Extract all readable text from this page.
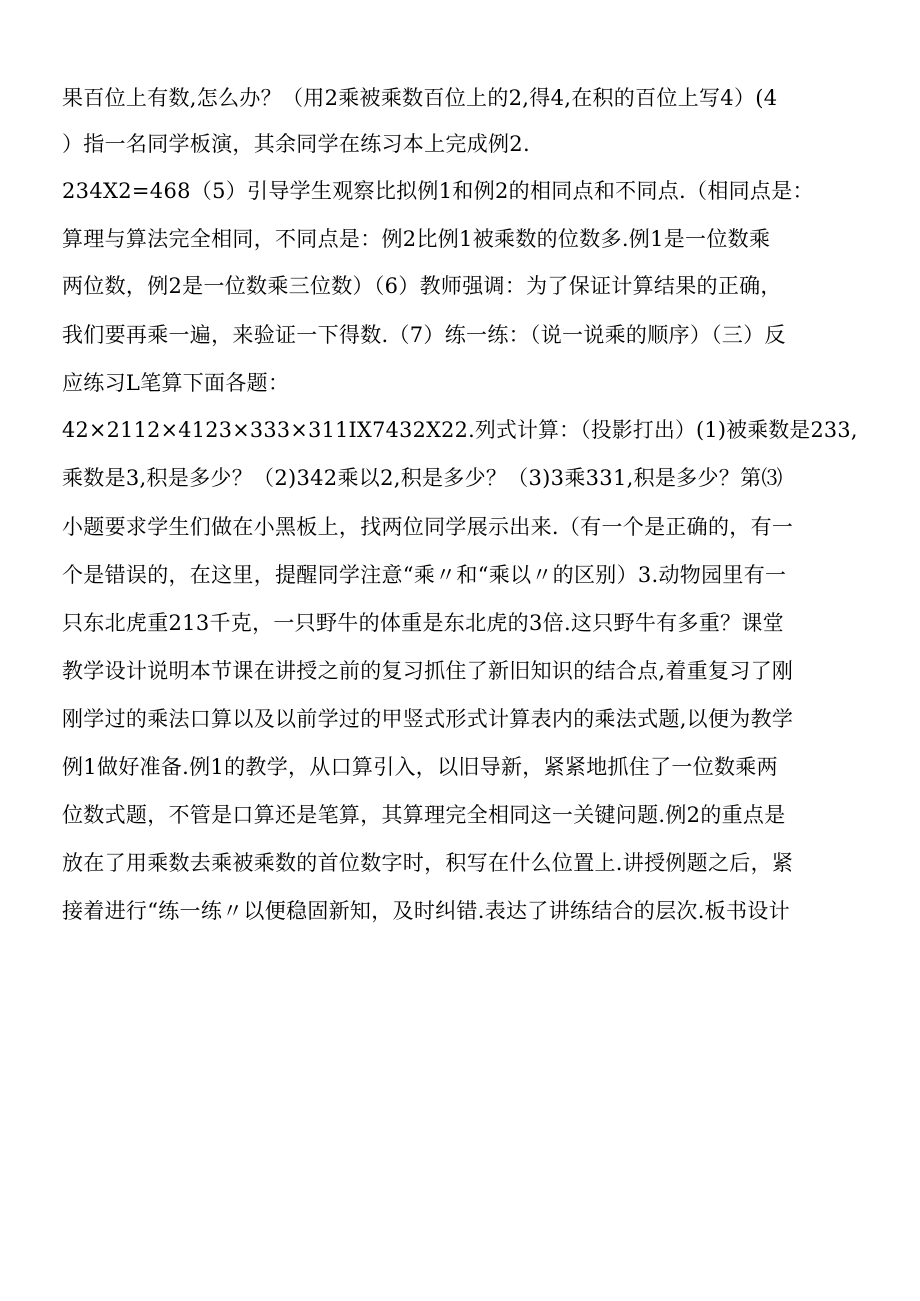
果百位上有数,怎么办？（用2乘被乘数百位上的2,得4,在积的百位上写4）(4
）指一名同学板演，其余同学在练习本上完成例2.
234X2=468（5）引导学生观察比拟例1和例2的相同点和不同点.（相同点是：
算理与算法完全相同，不同点是：例2比例1被乘数的位数多.例1是一位数乘
两位数，例2是一位数乘三位数）（6）教师强调：为了保证计算结果的正确，
我们要再乘一遍，来验证一下得数.（7）练一练：（说一说乘的顺序）（三）反
应练习L笔算下面各题：
42×2112×4123×333×311IX7432X22.列式计算：（投影打出）(1)被乘数是233,
乘数是3,积是多少？（2)342乘以2,积是多少？（3)3乘331,积是多少？第⑶
小题要求学生们做在小黑板上，找两位同学展示出来.（有一个是正确的，有一
个是错误的，在这里，提醒同学注意“乘〃和“乘以〃的区别）3.动物园里有一
只东北虎重213千克，一只野牛的体重是东北虎的3倍.这只野牛有多重？课堂
教学设计说明本节课在讲授之前的复习抓住了新旧知识的结合点,着重复习了刚
刚学过的乘法口算以及以前学过的甲竖式形式计算表内的乘法式题,以便为教学
例1做好准备.例1的教学，从口算引入，以旧导新，紧紧地抓住了一位数乘两
位数式题，不管是口算还是笔算，其算理完全相同这一关键问题.例2的重点是
放在了用乘数去乘被乘数的首位数字时，积写在什么位置上.讲授例题之后，紧
接着进行“练一练〃以便稳固新知，及时纠错.表达了讲练结合的层次.板书设计
